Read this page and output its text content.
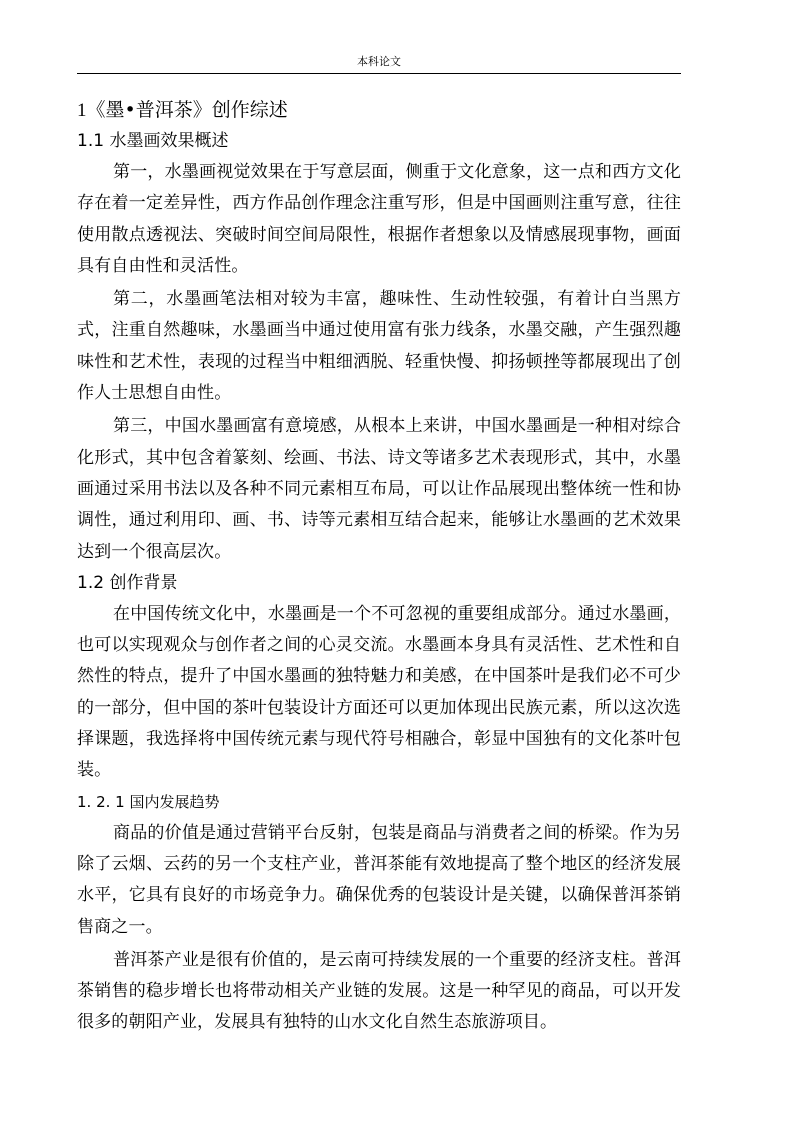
本科论文
1《墨•普洱茶》创作综述
1.1 水墨画效果概述

第一，水墨画视觉效果在于写意层面，侧重于文化意象，这一点和西方文化存在着一定差异性，西方作品创作理念注重写形，但是中国画则注重写意，往往使用散点透视法、突破时间空间局限性，根据作者想象以及情感展现事物，画面具有自由性和灵活性。

第二，水墨画笔法相对较为丰富，趣味性、生动性较强，有着计白当黑方式，注重自然趣味，水墨画当中通过使用富有张力线条，水墨交融，产生强烈趣味性和艺术性，表现的过程当中粗细洒脱、轻重快慢、抑扬顿挫等都展现出了创作人士思想自由性。

第三，中国水墨画富有意境感，从根本上来讲，中国水墨画是一种相对综合化形式，其中包含着篆刻、绘画、书法、诗文等诸多艺术表现形式，其中，水墨画通过采用书法以及各种不同元素相互布局，可以让作品展现出整体统一性和协调性，通过利用印、画、书、诗等元素相互结合起来，能够让水墨画的艺术效果达到一个很高层次。

1.2 创作背景

在中国传统文化中，水墨画是一个不可忽视的重要组成部分。通过水墨画，也可以实现观众与创作者之间的心灵交流。水墨画本身具有灵活性、艺术性和自然性的特点，提升了中国水墨画的独特魅力和美感，在中国茶叶是我们必不可少的一部分，但中国的茶叶包装设计方面还可以更加体现出民族元素，所以这次选择课题，我选择将中国传统元素与现代符号相融合，彰显中国独有的文化茶叶包装。

1. 2. 1 国内发展趋势

商品的价值是通过营销平台反射，包装是商品与消费者之间的桥梁。作为另除了云烟、云药的另一个支柱产业，普洱茶能有效地提高了整个地区的经济发展水平，它具有良好的市场竞争力。确保优秀的包装设计是关键，以确保普洱茶销售商之一。

普洱茶产业是很有价值的，是云南可持续发展的一个重要的经济支柱。普洱茶销售的稳步增长也将带动相关产业链的发展。这是一种罕见的商品，可以开发很多的朝阳产业，发展具有独特的山水文化自然生态旅游项目。
